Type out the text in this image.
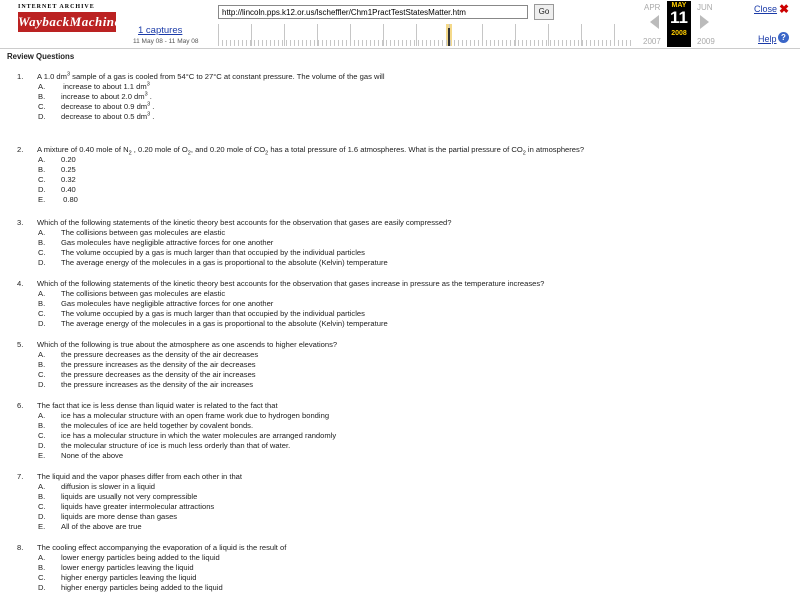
INTERNET ARCHIVE
WaybackMachine
1 captures
11 May 08 - 11 May 08
http://lincoln.pps.k12.or.us/lscheffler/Chm1PractTestStatesMatter.htm
Go	APR	MAY
11
2008
JUN
2007	2009
Close ✖
Help ?
Review Questions
1. A 1.0 $dm^3$ sample of a gas is cooled from 54°C to 27°C at constant pressure. The volume of the gas will
A. increase to about 1.1 $dm^3$
B. increase to about 2.0 $dm^3$ .
C. decrease to about 0.9 $dm^3$ .
D. decrease to about 0.5 $dm^3$ .
2. A mixture of 0.40 mole of $N_2$ , 0.20 mole of $O_2$, and 0.20 mole of $CO_2$ has a total pressure of 1.6 atmospheres. What is the partial pressure of $CO_2$ in atmospheres?
A. 0.20
B. 0.25
C. 0.32
D. 0.40
E. 0.80
3. Which of the following statements of the kinetic theory best accounts for the observation that gases are easily compressed?
A. The collisions between gas molecules are elastic
B. Gas molecules have negligible attractive forces for one another
C. The volume occupied by a gas is much larger than that occupied by the individual particles
D. The average energy of the molecules in a gas is proportional to the absolute (Kelvin) temperature
4. Which of the following statements of the kinetic theory best accounts for the observation that gases increase in pressure as the temperature increases?
A. The collisions between gas molecules are elastic
B. Gas molecules have negligible attractive forces for one another
C. The volume occupied by a gas is much larger than that occupied by the individual particles
D. The average energy of the molecules in a gas is proportional to the absolute (Kelvin) temperature
5. Which of the following is true about the atmosphere as one ascends to higher elevations?
A. the pressure decreases as the density of the air decreases
B. the pressure increases as the density of the air decreases
C. the pressure decreases as the density of the air increases
D. the pressure increases as the density of the air increases
6. The fact that ice is less dense than liquid water is related to the fact that
A. ice has a molecular structure with an open frame work due to hydrogen bonding
B. the molecules of ice are held together by covalent bonds.
C. ice has a molecular structure in which the water molecules are arranged randomly
D. the molecular structure of ice is much less orderly than that of water.
E. None of the above
7. The liquid and the vapor phases differ from each other in that
A. diffusion is slower in a liquid
B. liquids are usually not very compressible
C. liquids have greater intermolecular attractions
D. liquids are more dense than gases
E. All of the above are true
8. The cooling effect accompanying the evaporation of a liquid is the result of
A. lower energy particles being added to the liquid
B. lower energy particles leaving the liquid
C. higher energy particles leaving the liquid
D. higher energy particles being added to the liquid
